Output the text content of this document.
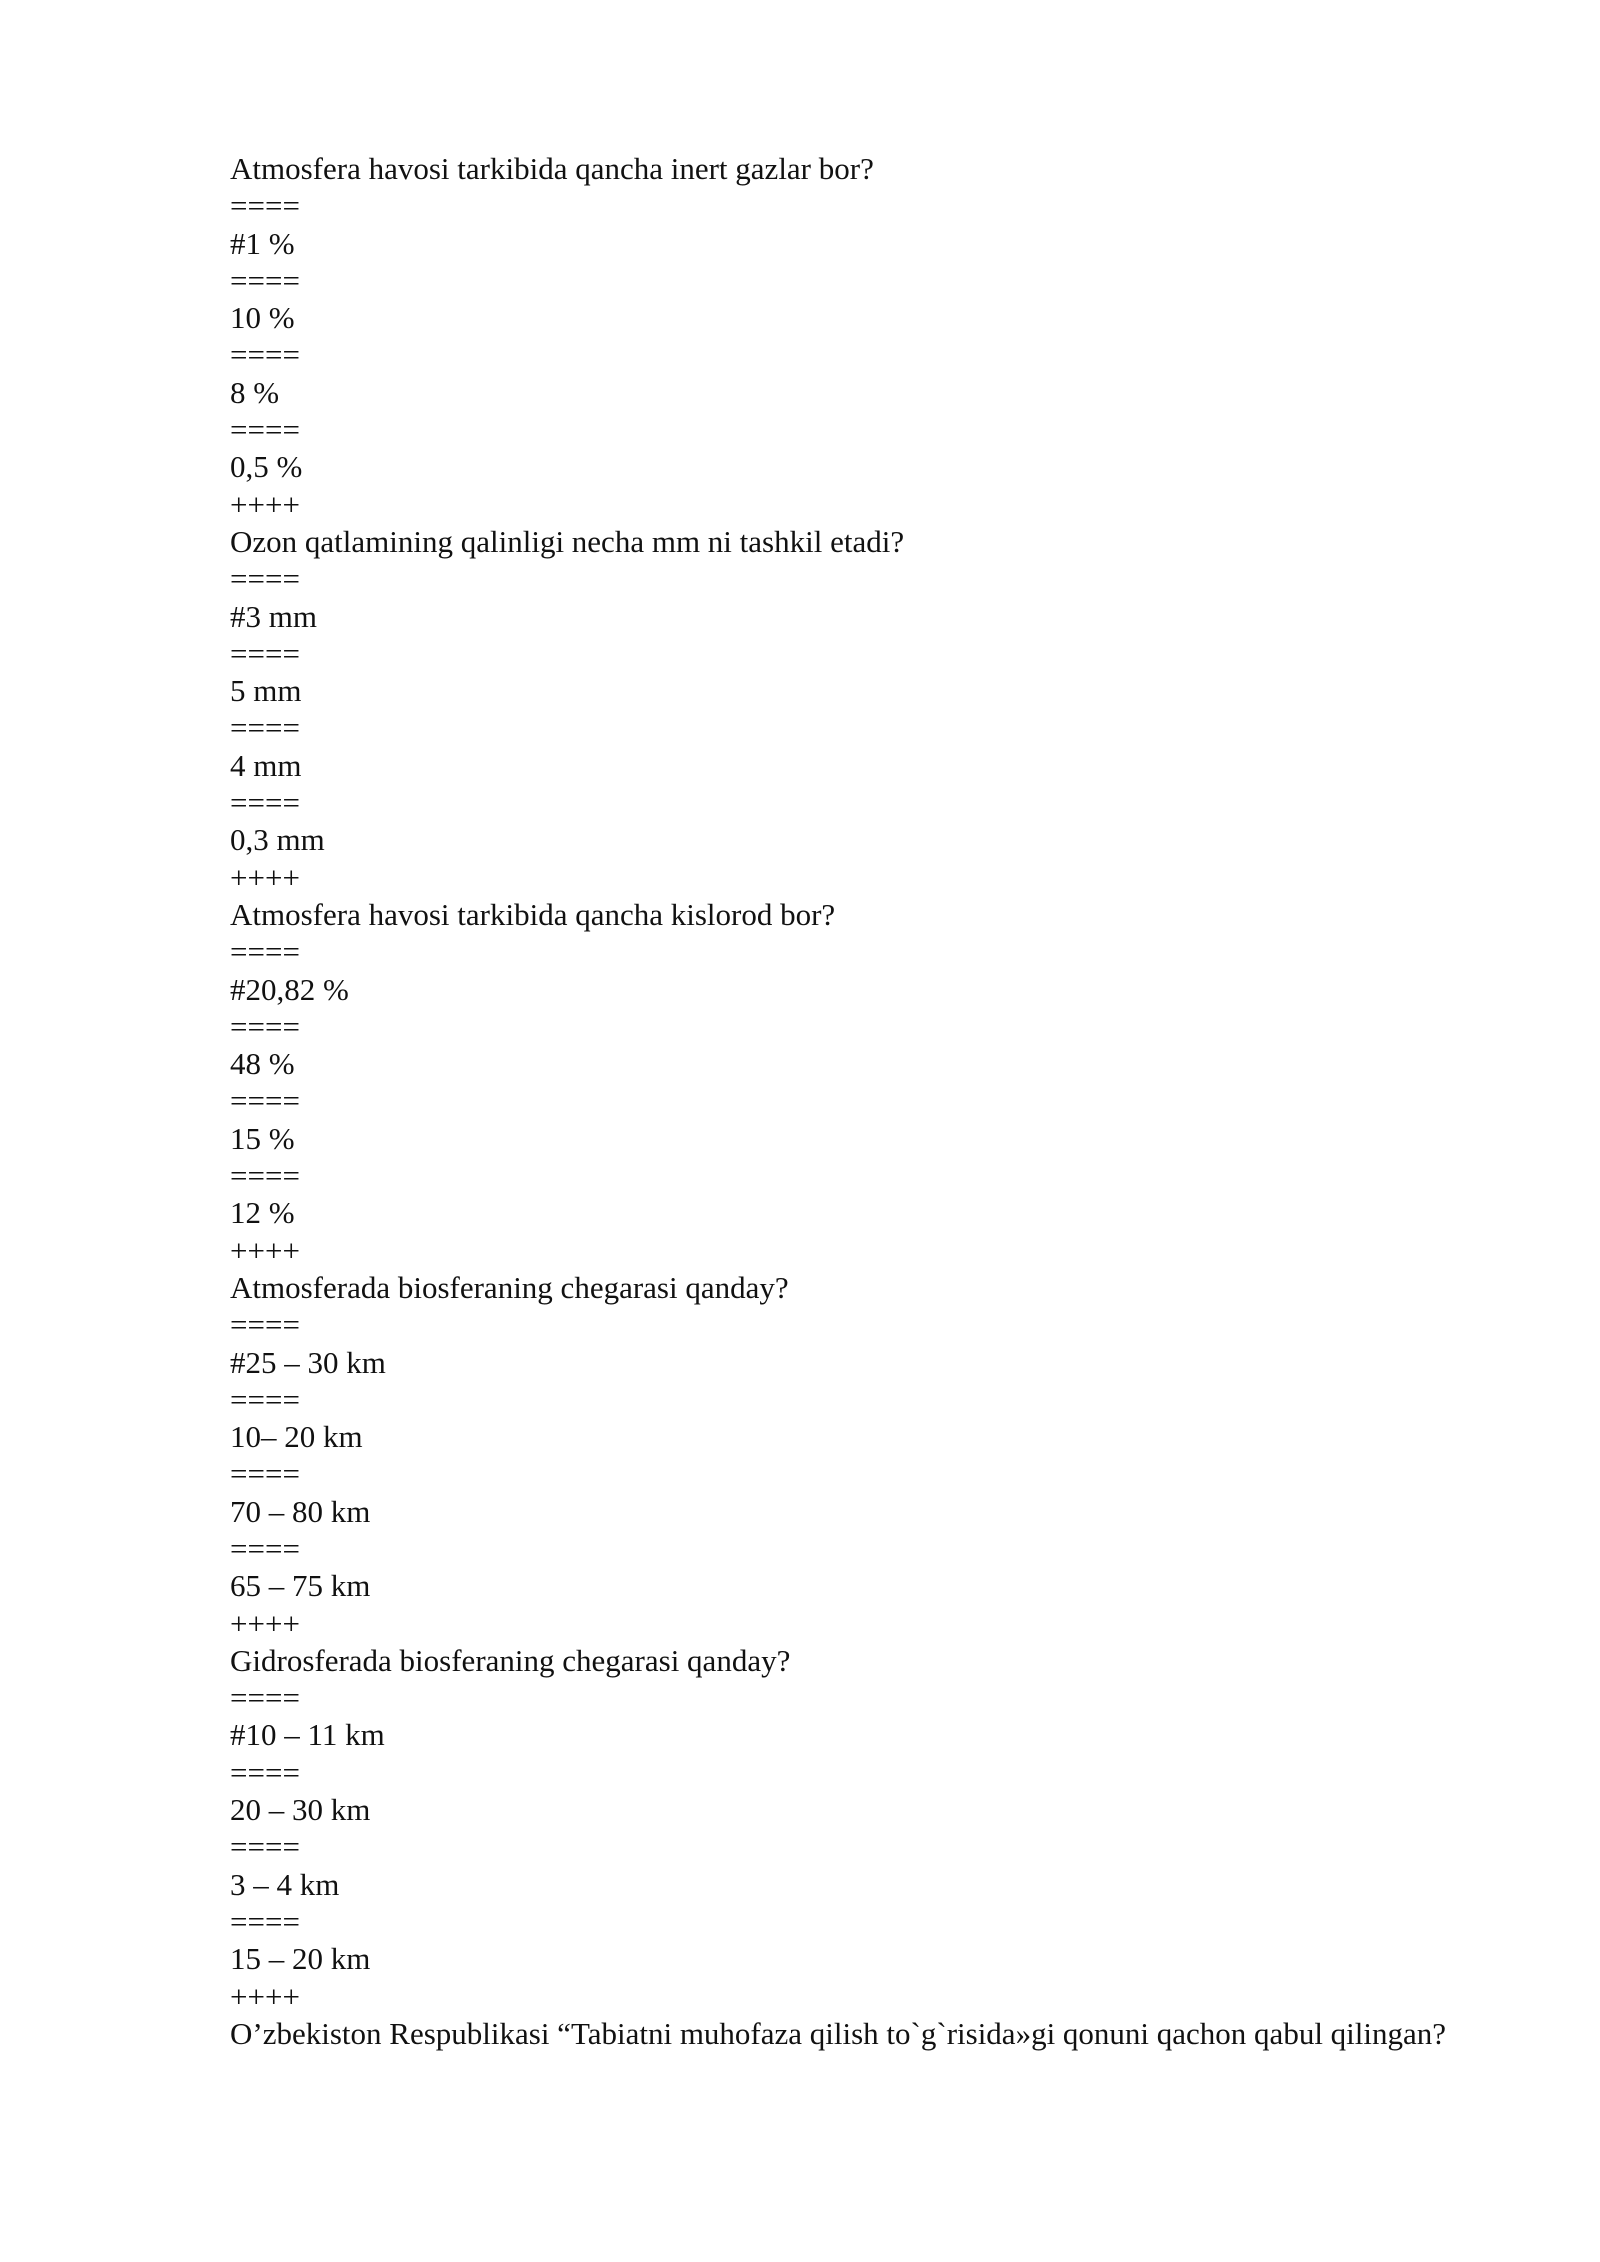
Atmosfera havosi tarkibida qancha inert gazlar bor?
====
#1 %
====
10 %
====
8 %
====
0,5 %
++++
Ozon qatlamining qalinligi necha mm ni tashkil etadi?
====
#3 mm
====
5 mm
====
4 mm
====
0,3 mm
++++
Atmosfera havosi tarkibida qancha kislorod bor?
====
#20,82 %
====
48 %
====
15 %
====
12 %
++++
Atmosferada biosferaning chegarasi qanday?
====
#25 – 30 km
====
10– 20 km
====
70 – 80 km
====
65 – 75 km
++++
Gidrosferada biosferaning chegarasi qanday?
====
#10 – 11 km
====
20 – 30 km
====
3 – 4 km
====
15 – 20 km
++++
O’zbekiston Respublikasi “Tabiatni muhofaza qilish to`g`risida»gi qonuni qachon qabul qilingan?
